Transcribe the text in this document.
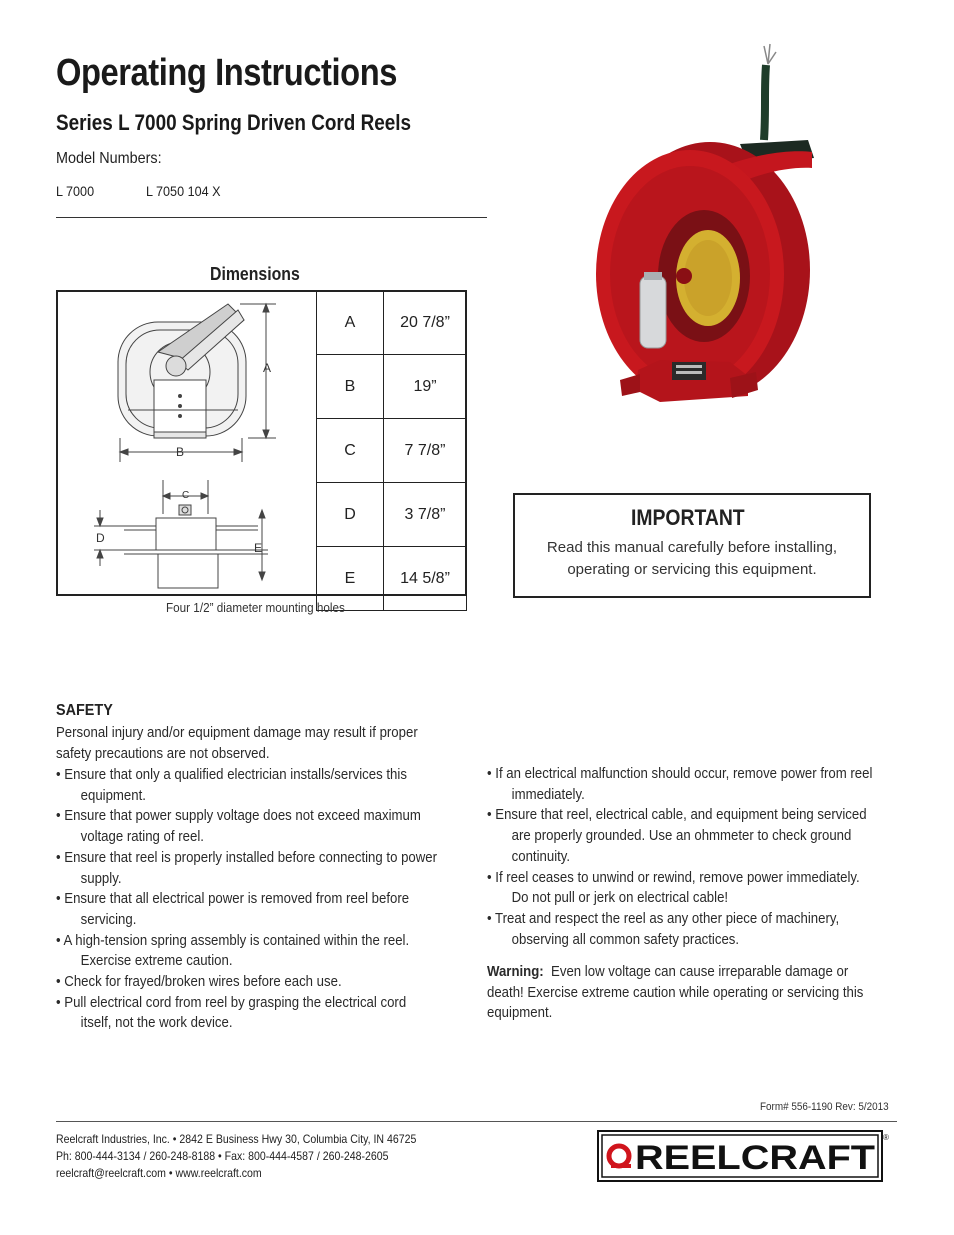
Operating Instructions
Series L 7000 Spring Driven Cord Reels
Model Numbers:
L 7000	L 7050 104 X
Dimensions
A
B
C
D
E
A	20 7/8”
B	19”
C	7 7/8”
D	3 7/8”
E	14 5/8”
Four 1/2” diameter mounting holes
IMPORTANT
Read this manual carefully before installing,
operating or servicing this equipment.
SAFETY
Personal injury and/or equipment damage may result if proper
safety precautions are not observed.
• Ensure that only a qualified electrician installs/services this
equipment.
• Ensure that power supply voltage does not exceed maximum
voltage rating of reel.
• Ensure that reel is properly installed before connecting to power
supply.
• Ensure that all electrical power is removed from reel before
servicing.
• A high-tension spring assembly is contained within the reel.
Exercise extreme caution.
• Check for frayed/broken wires before each use.
• Pull electrical cord from reel by grasping the electrical cord
itself, not the work device.
• If an electrical malfunction should occur, remove power from reel
immediately.
• Ensure that reel, electrical cable, and equipment being serviced
are properly grounded. Use an ohmmeter to check ground
continuity.
• If reel ceases to unwind or rewind, remove power immediately.
Do not pull or jerk on electrical cable!
• Treat and respect the reel as any other piece of machinery,
observing all common safety practices.
Warning: Even low voltage can cause irreparable damage or
death! Exercise extreme caution while operating or servicing this
equipment.
Form# 556-1190 Rev: 5/2013
Reelcraft Industries, Inc. • 2842 E Business Hwy 30, Columbia City, IN 46725
Ph: 800-444-3134 / 260-248-8188 • Fax: 800-444-4587 / 260-248-2605
reelcraft@reelcraft.com • www.reelcraft.com	REELCRAFT
®
